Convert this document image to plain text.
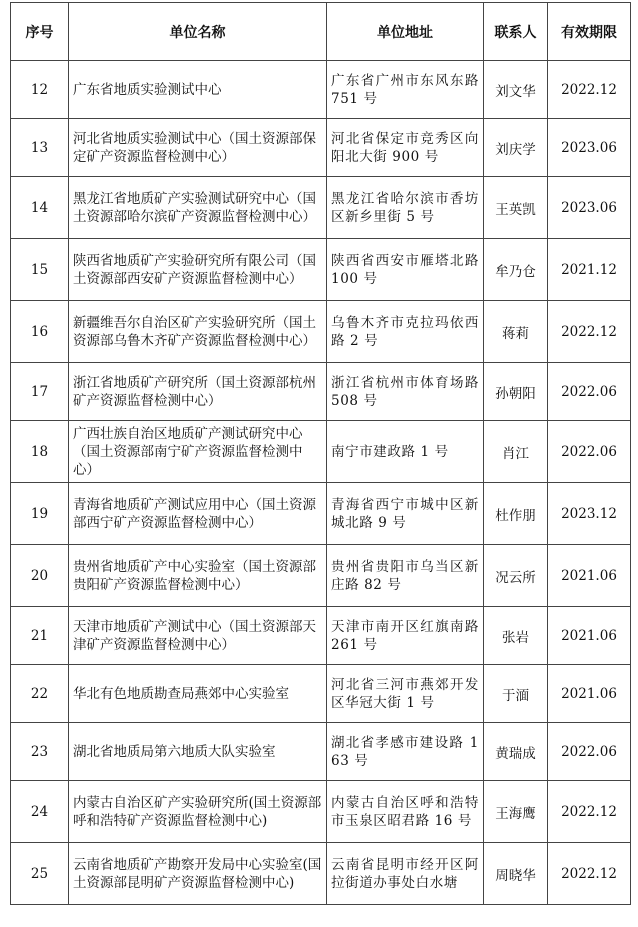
序号	单位名称	单位地址	联系人	有效期限
12	广东省地质实验测试中心	广东省广州市东风东路 751 号	刘文华	2022.12
13	河北省地质实验测试中心（国土资源部保定矿产资源监督检测中心）	河北省保定市竞秀区向阳北大街 900 号	刘庆学	2023.06
14	黑龙江省地质矿产实验测试研究中心（国土资源部哈尔滨矿产资源监督检测中心）	黑龙江省哈尔滨市香坊区新乡里街 5 号	王英凯	2023.06
15	陕西省地质矿产实验研究所有限公司（国土资源部西安矿产资源监督检测中心）	陕西省西安市雁塔北路 100 号	牟乃仓	2021.12
16	新疆维吾尔自治区矿产实验研究所（国土资源部乌鲁木齐矿产资源监督检测中心）	乌鲁木齐市克拉玛依西路 2 号	蒋莉	2022.12
17	浙江省地质矿产研究所（国土资源部杭州矿产资源监督检测中心）	浙江省杭州市体育场路 508 号	孙朝阳	2022.06
18	广西壮族自治区地质矿产测试研究中心（国土资源部南宁矿产资源监督检测中心）	南宁市建政路 1 号	肖江	2022.06
19	青海省地质矿产测试应用中心（国土资源部西宁矿产资源监督检测中心）	青海省西宁市城中区新城北路 9 号	杜作朋	2023.12
20	贵州省地质矿产中心实验室（国土资源部贵阳矿产资源监督检测中心）	贵州省贵阳市乌当区新庄路 82 号	况云所	2021.06
21	天津市地质矿产测试中心（国土资源部天津矿产资源监督检测中心）	天津市南开区红旗南路 261 号	张岩	2021.06
22	华北有色地质勘查局燕郊中心实验室	河北省三河市燕郊开发区华冠大街 1 号	于湎	2021.06
23	湖北省地质局第六地质大队实验室	湖北省孝感市建设路 163 号	黄瑞成	2022.06
24	内蒙古自治区矿产实验研究所(国土资源部呼和浩特矿产资源监督检测中心)	内蒙古自治区呼和浩特市玉泉区昭君路 16 号	王海鹰	2022.12
25	云南省地质矿产勘察开发局中心实验室(国土资源部昆明矿产资源监督检测中心)	云南省昆明市经开区阿拉街道办事处白水塘	周晓华	2022.12
